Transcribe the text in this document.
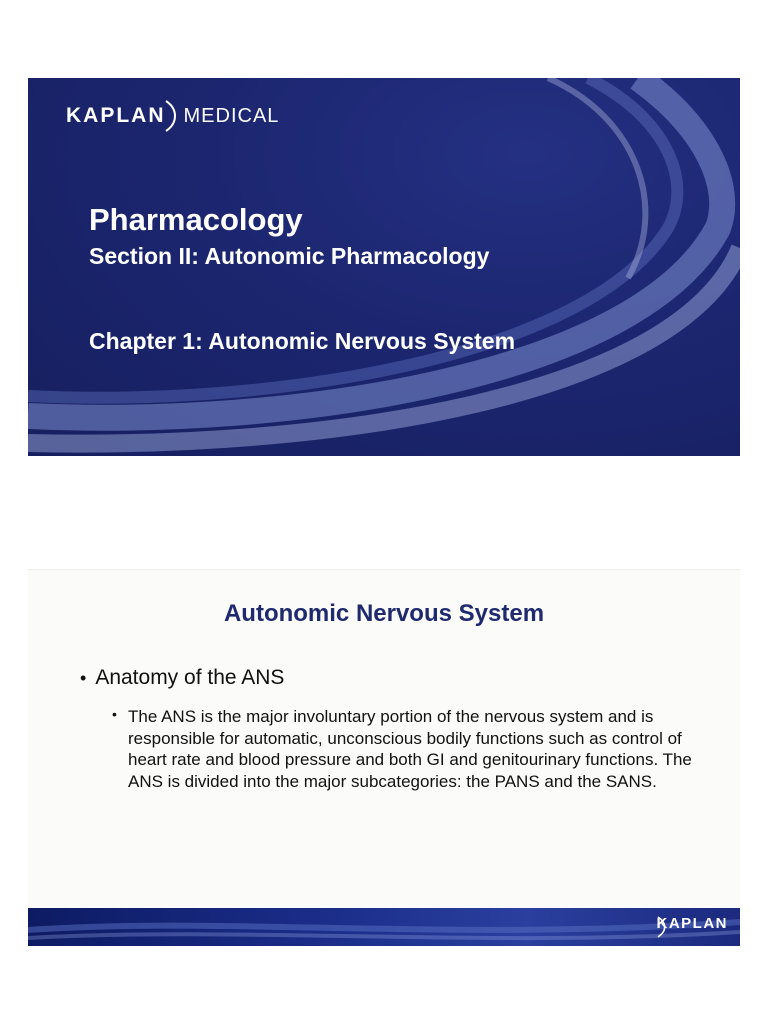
KAPLAN MEDICAL
Pharmacology
Section II: Autonomic Pharmacology
Chapter 1: Autonomic Nervous System
Autonomic Nervous System
• Anatomy of the ANS
• The ANS is the major involuntary portion of the nervous system and is responsible for automatic, unconscious bodily functions such as control of heart rate and blood pressure and both GI and genitourinary functions. The ANS is divided into the major subcategories: the PANS and the SANS.
KAPLAN
